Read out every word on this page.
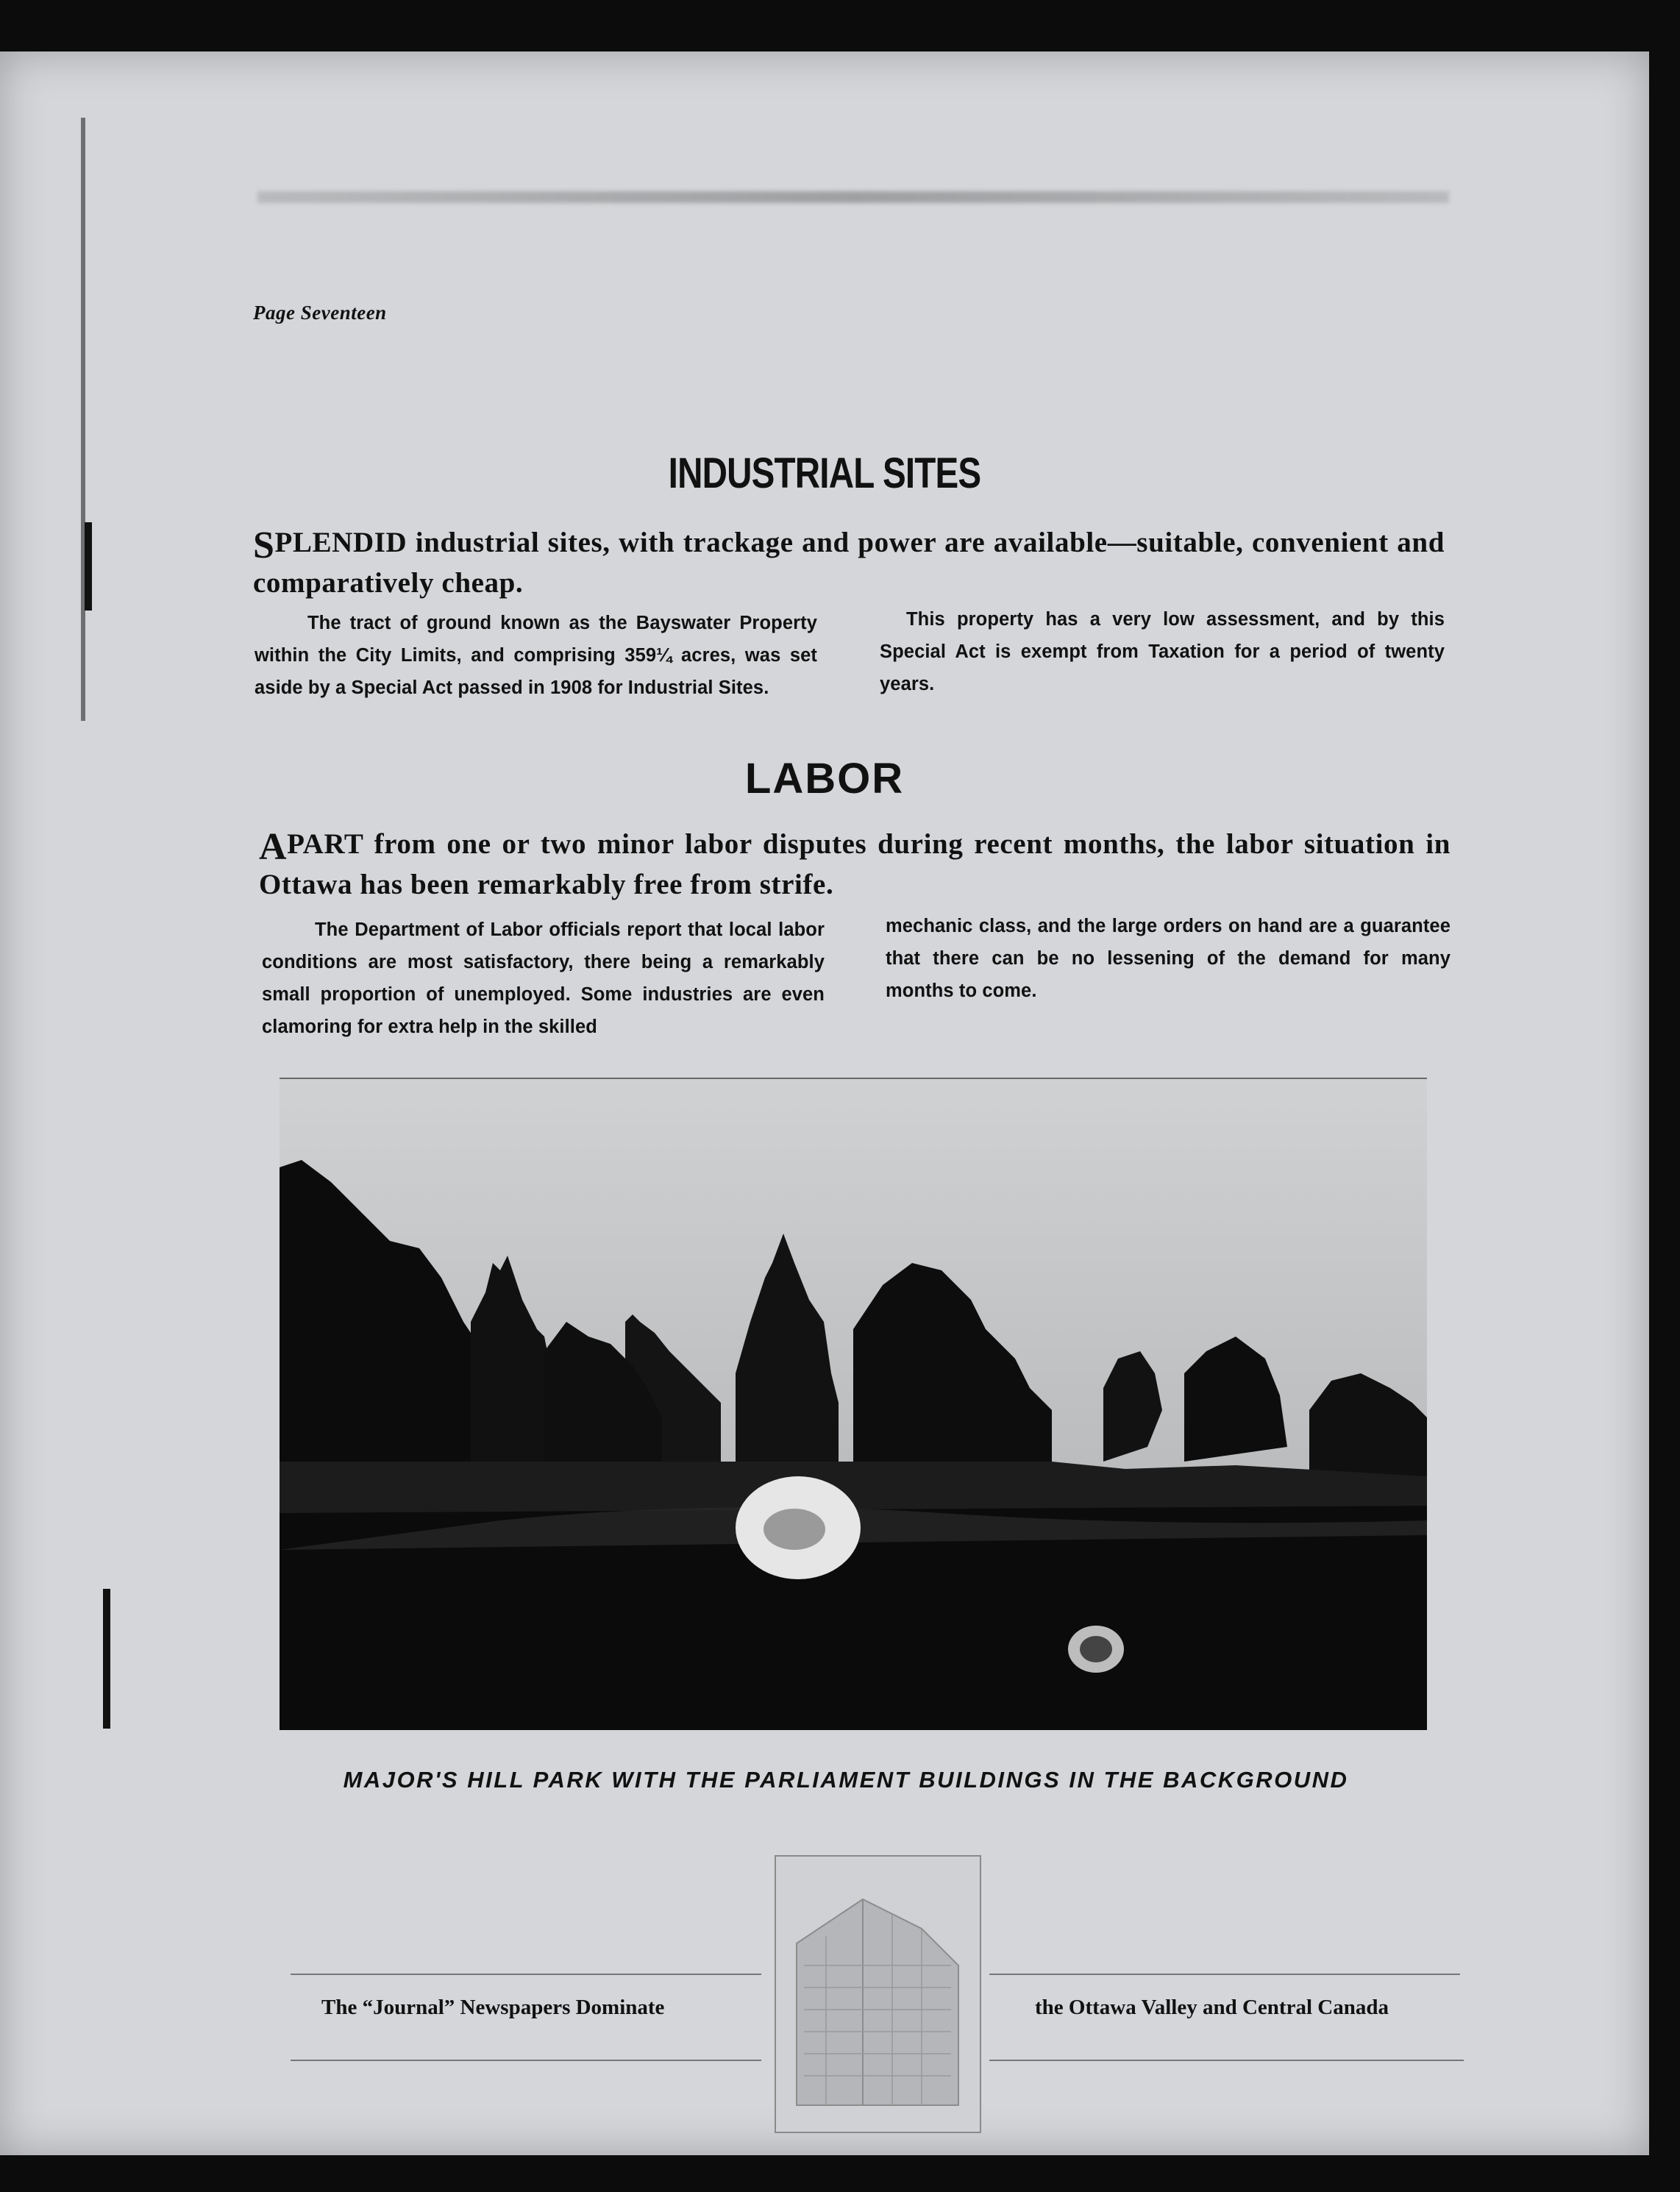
Page Seventeen
INDUSTRIAL SITES

SPLENDID industrial sites, with trackage and power are available—suitable, convenient and comparatively cheap.

The tract of ground known as the Bayswater Property within the City Limits, and comprising 359¼ acres, was set aside by a Special Act passed in 1908 for Industrial Sites.

This property has a very low assessment, and by this Special Act is exempt from Taxation for a period of twenty years.

LABOR

APART from one or two minor labor disputes during recent months, the labor situation in Ottawa has been remarkably free from strife.

The Department of Labor officials report that local labor conditions are most satisfactory, there being a remarkably small proportion of unemployed. Some industries are even clamoring for extra help in the skilled

mechanic class, and the large orders on hand are a guarantee that there can be no lessening of the demand for many months to come.

MAJOR'S HILL PARK WITH THE PARLIAMENT BUILDINGS IN THE BACKGROUND

The “Journal” Newspapers Dominate	the Ottawa Valley and Central Canada
